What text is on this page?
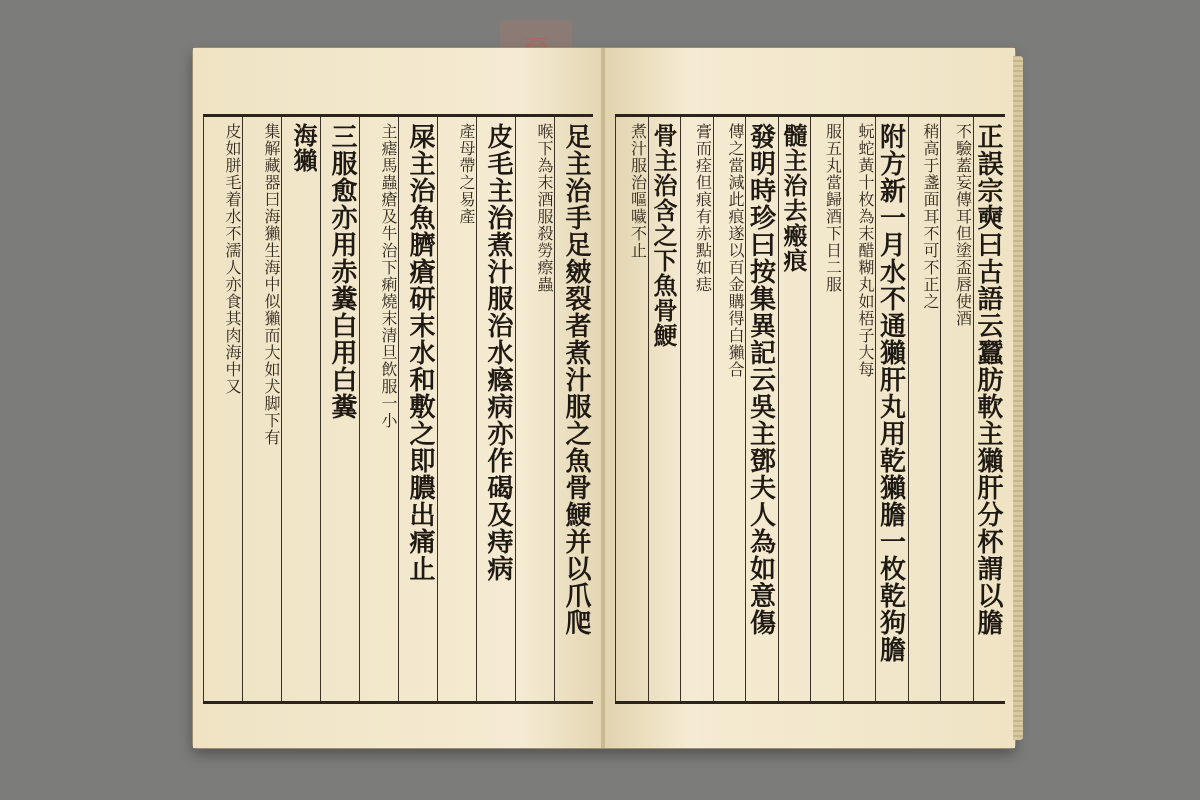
足主治手足皴裂者煮汁服之魚骨鯁并以爪爬
喉下為末酒服殺勞瘵蟲
皮毛主治煮汁服治水癊病亦作碣及痔病
產母帶之易產
屎主治魚臍瘡研末水和敷之即膿出痛止
主瘧馬蟲瘡及牛治下痢燒末清旦飲服一小
三服愈亦用赤糞白用白糞
海獺
集解藏器曰海獺生海中似獺而大如犬脚下有
皮如胼毛着水不濡人亦食其肉海中又	正誤宗奭曰古語云蠶肪軟主獺肝分杯謂以膽
不驗蓋妄傳耳但塗盃唇使酒
稍高于盞面耳不可不正之
附方新一月水不通獺肝丸用乾獺膽一枚乾狗膽
蚖蛇黃十枚為末醋糊丸如梧子大每
服五丸當歸酒下日二服
髓主治去瘢痕
發明時珍曰按集異記云吳主鄧夫人為如意傷
傳之當減此痕遂以百金購得白獺合
膏而痊但痕有赤點如痣
骨主治含之下魚骨鯁
煮汁服治嘔噦不止
